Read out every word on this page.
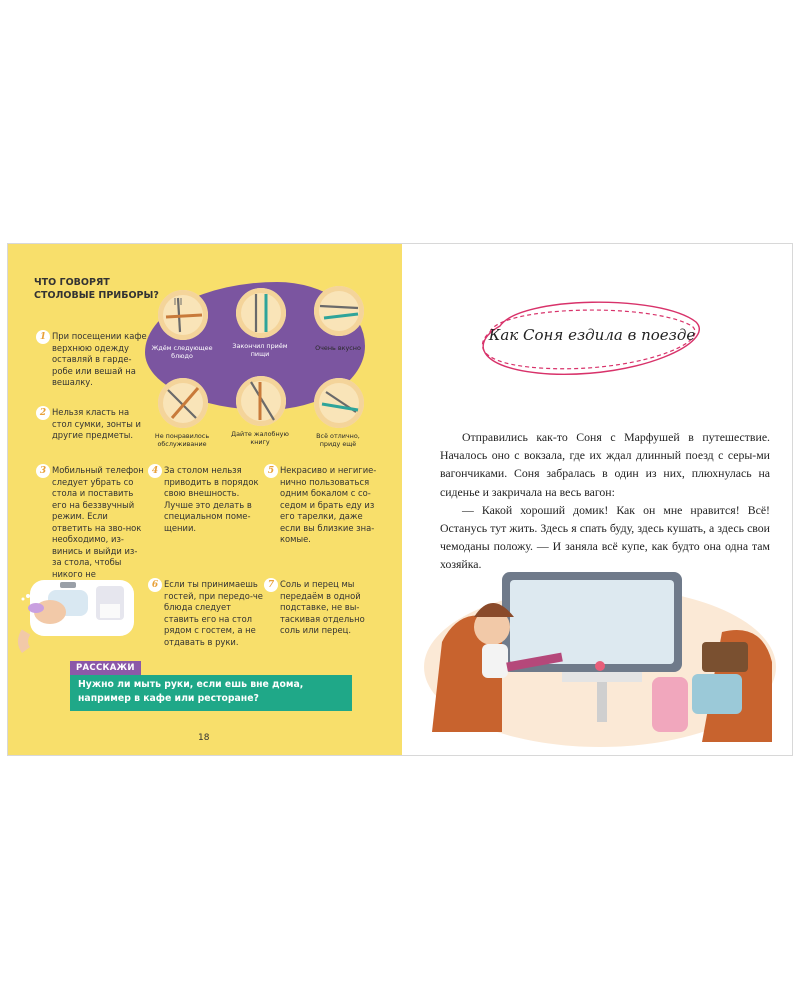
ЧТО ГОВОРЯТ СТОЛОВЫЕ ПРИБОРЫ?
Ждём следующее блюдо
Закончил приём пищи
Очень вкусно
Не понравилось обслуживание
Дайте жалобную книгу
Всё отлично, приду ещё
1 При посещении кафе верхнюю одежду оставляй в гарде-робе или вешай на вешалку.
2 Нельзя класть на стол сумки, зонты и другие предметы.
3 Мобильный телефон следует убрать со стола и поставить его на беззвучный режим. Если ответить на зво-нок необходимо, из-винись и выйди из-за стола, чтобы никого не
4 За столом нельзя приводить в порядок свою внешность. Лучше это делать в специальном поме-щении.
5 Некрасиво и негигие-нично пользоваться одним бокалом с со-седом и брать еду из его тарелки, даже если вы близкие зна-комые.
6 Если ты принимаешь гостей, при передо-че блюда следует ставить его на стол рядом с гостем, а не отдавать в руки.
7 Соль и перец мы передаём в одной подставке, не вы-таскивая отдельно соль или перец.
РАССКАЖИ
Нужно ли мыть руки, если ешь вне дома, например в кафе или ресторане?
18
Как Соня ездила в поезде

Отправились как-то Соня с Марфушей в путешествие. Началось оно с вокзала, где их ждал длинный поезд с серы-ми вагончиками. Соня забралась в один из них, плюхнулась на сиденье и закричала на весь вагон:

— Какой хороший домик! Как он мне нравится! Всё! Останусь тут жить. Здесь я спать буду, здесь кушать, а здесь свои чемоданы положу. — И заняла всё купе, как будто она одна там хозяйка.
